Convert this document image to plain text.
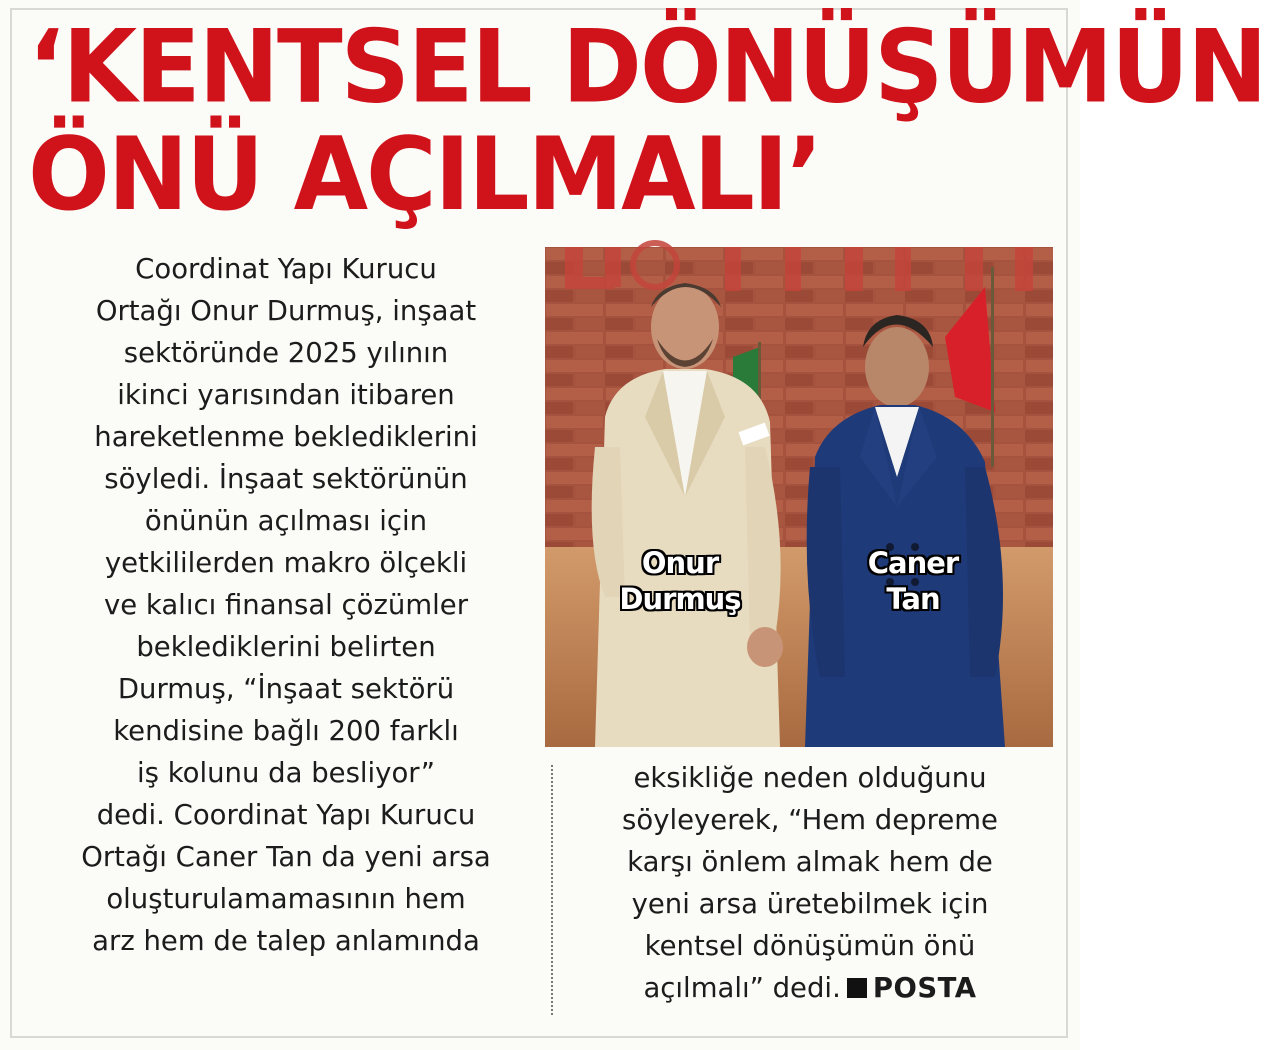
‘KENTSEL DÖNÜŞÜMÜN
ÖNÜ AÇILMALI’
Coordinat Yapı Kurucu
Ortağı Onur Durmuş, inşaat
sektöründe 2025 yılının
ikinci yarısından itibaren
hareketlenme beklediklerini
söyledi. İnşaat sektörünün
önünün açılması için
yetkililerden makro ölçekli
ve kalıcı finansal çözümler
beklediklerini belirten
Durmuş, “İnşaat sektörü
kendisine bağlı 200 farklı
iş kolunu da besliyor”
dedi. Coordinat Yapı Kurucu
Ortağı Caner Tan da yeni arsa
oluşturulamamasının hem
arz hem de talep anlamında
Onur
Durmuş
Caner
Tan
eksikliğe neden olduğunu
söyleyerek, “Hem depreme
karşı önlem almak hem de
yeni arsa üretebilmek için
kentsel dönüşümün önü
açılmalı” dedi. POSTA
